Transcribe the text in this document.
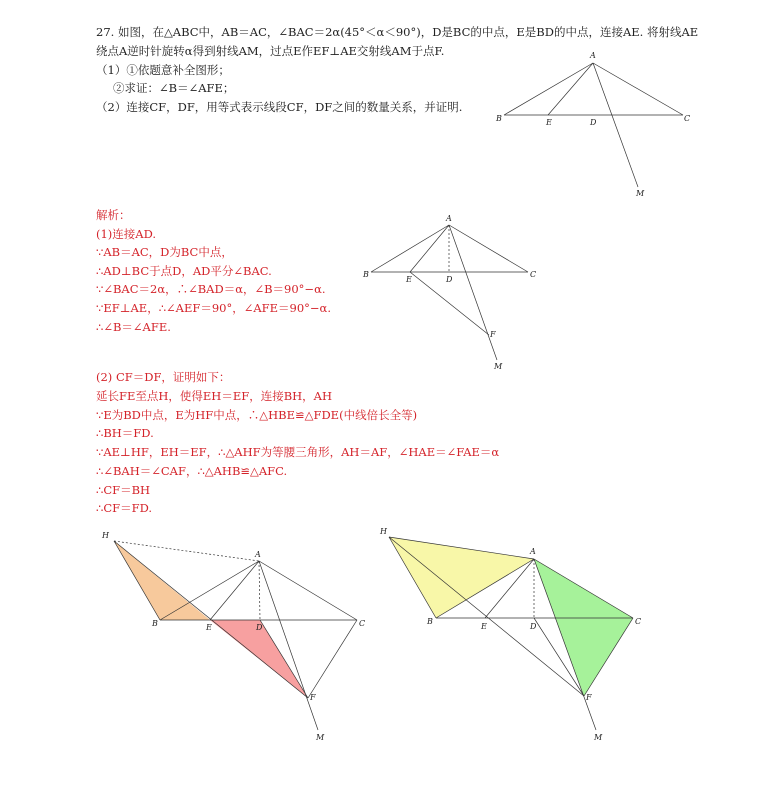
27. 如图，在△ABC中，AB＝AC，∠BAC＝2α(45°＜α＜90°)，D是BC的中点，E是BD的中点，连接AE. 将射线AE
绕点A逆时针旋转α得到射线AM，过点E作EF⊥AE交射线AM于点F.
（1）①依题意补全图形；
②求证：∠B＝∠AFE；
（2）连接CF，DF，用等式表示线段CF，DF之间的数量关系，并证明.
A
B	E	D	C
M
解析：
(1)连接AD.
∵AB＝AC，D为BC中点，
∴AD⊥BC于点D，AD平分∠BAC.
∵∠BAC＝2α，∴∠BAD＝α，∠B＝90°−α.
∵EF⊥AE，∴∠AEF＝90°，∠AFE＝90°−α.
∴∠B＝∠AFE.
A
B
E	D
C
F
M
(2) CF＝DF，证明如下：
延长FE至点H，使得EH＝EF，连接BH，AH
∵E为BD中点，E为HF中点，∴△HBE≌△FDE(中线倍长全等)
∴BH＝FD.
∵AE⊥HF，EH＝EF，∴△AHF为等腰三角形，AH＝AF，∠HAE＝∠FAE＝α
∴∠BAH＝∠CAF，∴△AHB≌△AFC.
∴CF＝BH
∴CF＝FD.
H
A
B	E	D	C
F
M
H
A
B
E	D
C
F
M
